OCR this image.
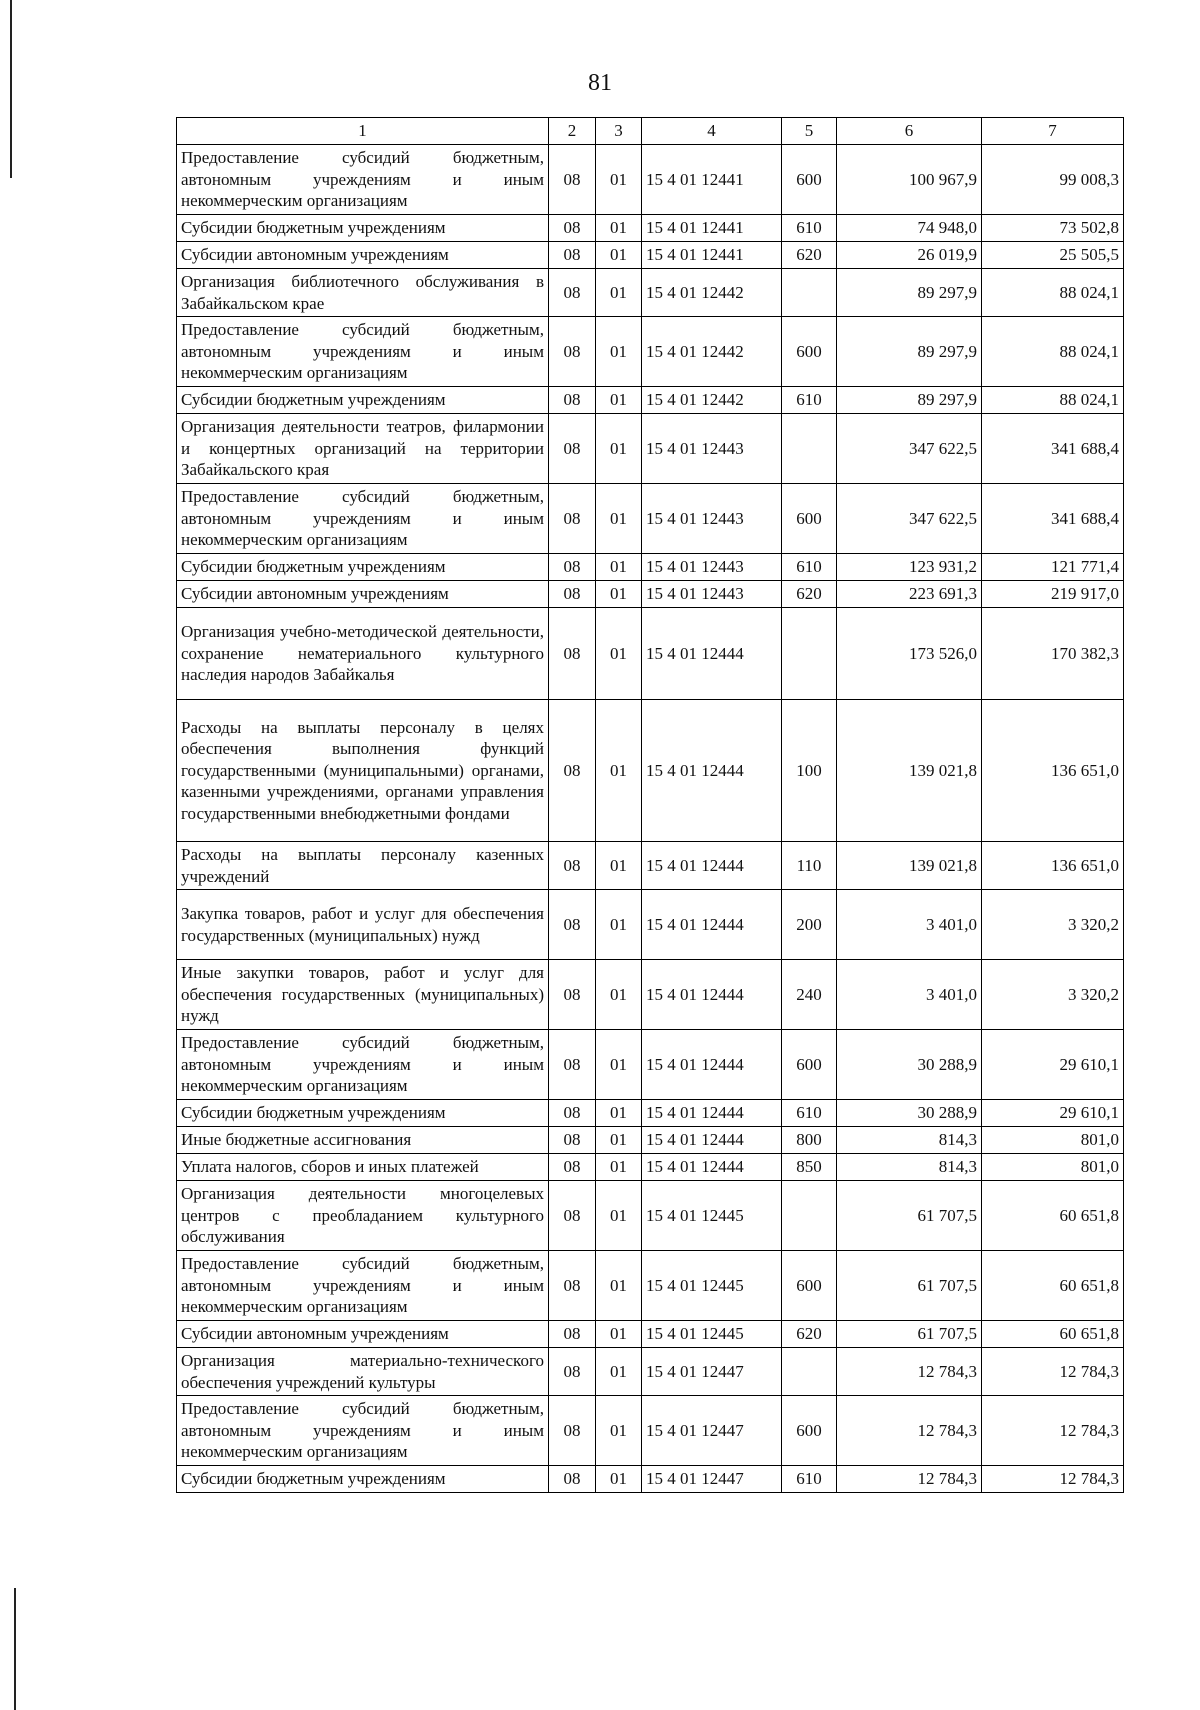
81
1	2	3	4	5	6	7
Предоставление субсидий бюджетным, автономным учреждениям и иным некоммерческим организациям	08	01	15 4 01 12441	600	100 967,9	99 008,3
Субсидии бюджетным учреждениям	08	01	15 4 01 12441	610	74 948,0	73 502,8
Субсидии автономным учреждениям	08	01	15 4 01 12441	620	26 019,9	25 505,5
Организация библиотечного обслуживания в Забайкальском крае	08	01	15 4 01 12442		89 297,9	88 024,1
Предоставление субсидий бюджетным, автономным учреждениям и иным некоммерческим организациям	08	01	15 4 01 12442	600	89 297,9	88 024,1
Субсидии бюджетным учреждениям	08	01	15 4 01 12442	610	89 297,9	88 024,1
Организация деятельности театров, филармонии и концертных организаций на территории Забайкальского края	08	01	15 4 01 12443		347 622,5	341 688,4
Предоставление субсидий бюджетным, автономным учреждениям и иным некоммерческим организациям	08	01	15 4 01 12443	600	347 622,5	341 688,4
Субсидии бюджетным учреждениям	08	01	15 4 01 12443	610	123 931,2	121 771,4
Субсидии автономным учреждениям	08	01	15 4 01 12443	620	223 691,3	219 917,0
Организация учебно-методической деятельности, сохранение нематериального культурного наследия народов Забайкалья	08	01	15 4 01 12444		173 526,0	170 382,3
Расходы на выплаты персоналу в целях обеспечения выполнения функций государственными (муниципальными) органами, казенными учреждениями, органами управления государственными внебюджетными фондами	08	01	15 4 01 12444	100	139 021,8	136 651,0
Расходы на выплаты персоналу казенных учреждений	08	01	15 4 01 12444	110	139 021,8	136 651,0
Закупка товаров, работ и услуг для обеспечения государственных (муниципальных) нужд	08	01	15 4 01 12444	200	3 401,0	3 320,2
Иные закупки товаров, работ и услуг для обеспечения государственных (муниципальных) нужд	08	01	15 4 01 12444	240	3 401,0	3 320,2
Предоставление субсидий бюджетным, автономным учреждениям и иным некоммерческим организациям	08	01	15 4 01 12444	600	30 288,9	29 610,1
Субсидии бюджетным учреждениям	08	01	15 4 01 12444	610	30 288,9	29 610,1
Иные бюджетные ассигнования	08	01	15 4 01 12444	800	814,3	801,0
Уплата налогов, сборов и иных платежей	08	01	15 4 01 12444	850	814,3	801,0
Организация деятельности многоцелевых центров с преобладанием культурного обслуживания	08	01	15 4 01 12445		61 707,5	60 651,8
Предоставление субсидий бюджетным, автономным учреждениям и иным некоммерческим организациям	08	01	15 4 01 12445	600	61 707,5	60 651,8
Субсидии автономным учреждениям	08	01	15 4 01 12445	620	61 707,5	60 651,8
Организация материально-технического обеспечения учреждений культуры	08	01	15 4 01 12447		12 784,3	12 784,3
Предоставление субсидий бюджетным, автономным учреждениям и иным некоммерческим организациям	08	01	15 4 01 12447	600	12 784,3	12 784,3
Субсидии бюджетным учреждениям	08	01	15 4 01 12447	610	12 784,3	12 784,3
